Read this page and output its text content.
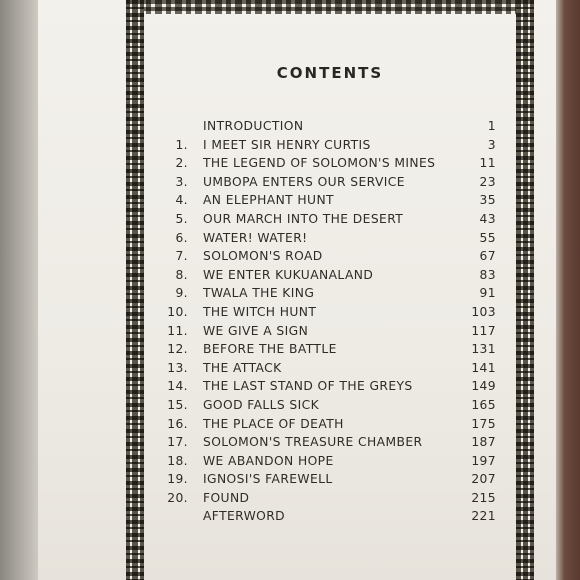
CONTENTS
INTRODUCTION	1
1. I MEET SIR HENRY CURTIS	3
2. THE LEGEND OF SOLOMON'S MINES	11
3. UMBOPA ENTERS OUR SERVICE	23
4. AN ELEPHANT HUNT	35
5. OUR MARCH INTO THE DESERT	43
6. WATER! WATER!	55
7. SOLOMON'S ROAD	67
8. WE ENTER KUKUANALAND	83
9. TWALA THE KING	91
10. THE WITCH HUNT	103
11. WE GIVE A SIGN	117
12. BEFORE THE BATTLE	131
13. THE ATTACK	141
14. THE LAST STAND OF THE GREYS	149
15. GOOD FALLS SICK	165
16. THE PLACE OF DEATH	175
17. SOLOMON'S TREASURE CHAMBER	187
18. WE ABANDON HOPE	197
19. IGNOSI'S FAREWELL	207
20. FOUND	215
AFTERWORD	221
